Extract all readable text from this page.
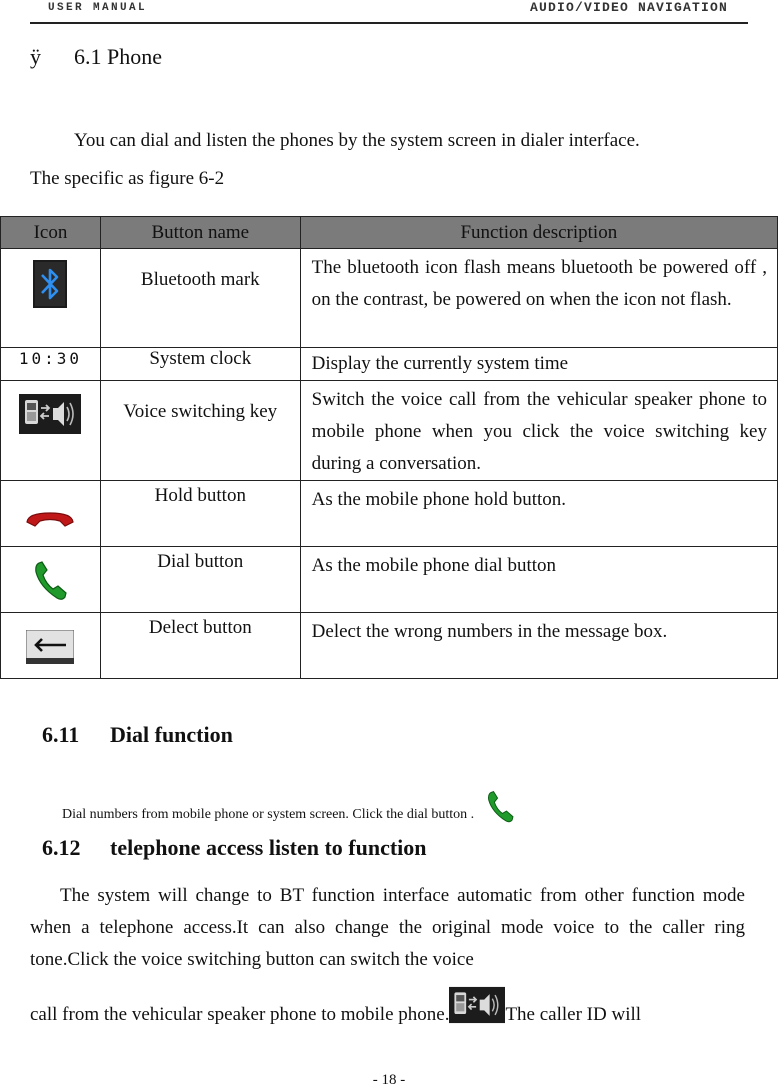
USER MANUAL	AUDIO/VIDEO NAVIGATION
ÿ 6.1 Phone
You can dial and listen the phones by the system screen in dialer interface.
The specific as figure 6-2
Icon	Button name	Function description
	Bluetooth mark	The bluetooth icon flash means bluetooth be powered off , on the contrast, be powered on when the icon not flash.
10:30	System clock	Display the currently system time
	Voice switching key	Switch the voice call from the vehicular speaker phone to mobile phone when you click the voice switching key during a conversation.
	Hold button	As the mobile phone hold button.
	Dial button	As the mobile phone dial button
	Delect button	Delect the wrong numbers in the message box.
6.11 Dial function
Dial numbers from mobile phone or system screen. Click the dial button .
6.12 telephone access listen to function
The system will change to BT function interface automatic from other function mode when a telephone access.It can also change the original mode voice to the caller ring tone.Click the voice switching button can switch the voice
call from the vehicular speaker phone to mobile phone.	The caller ID will
- 18 -
